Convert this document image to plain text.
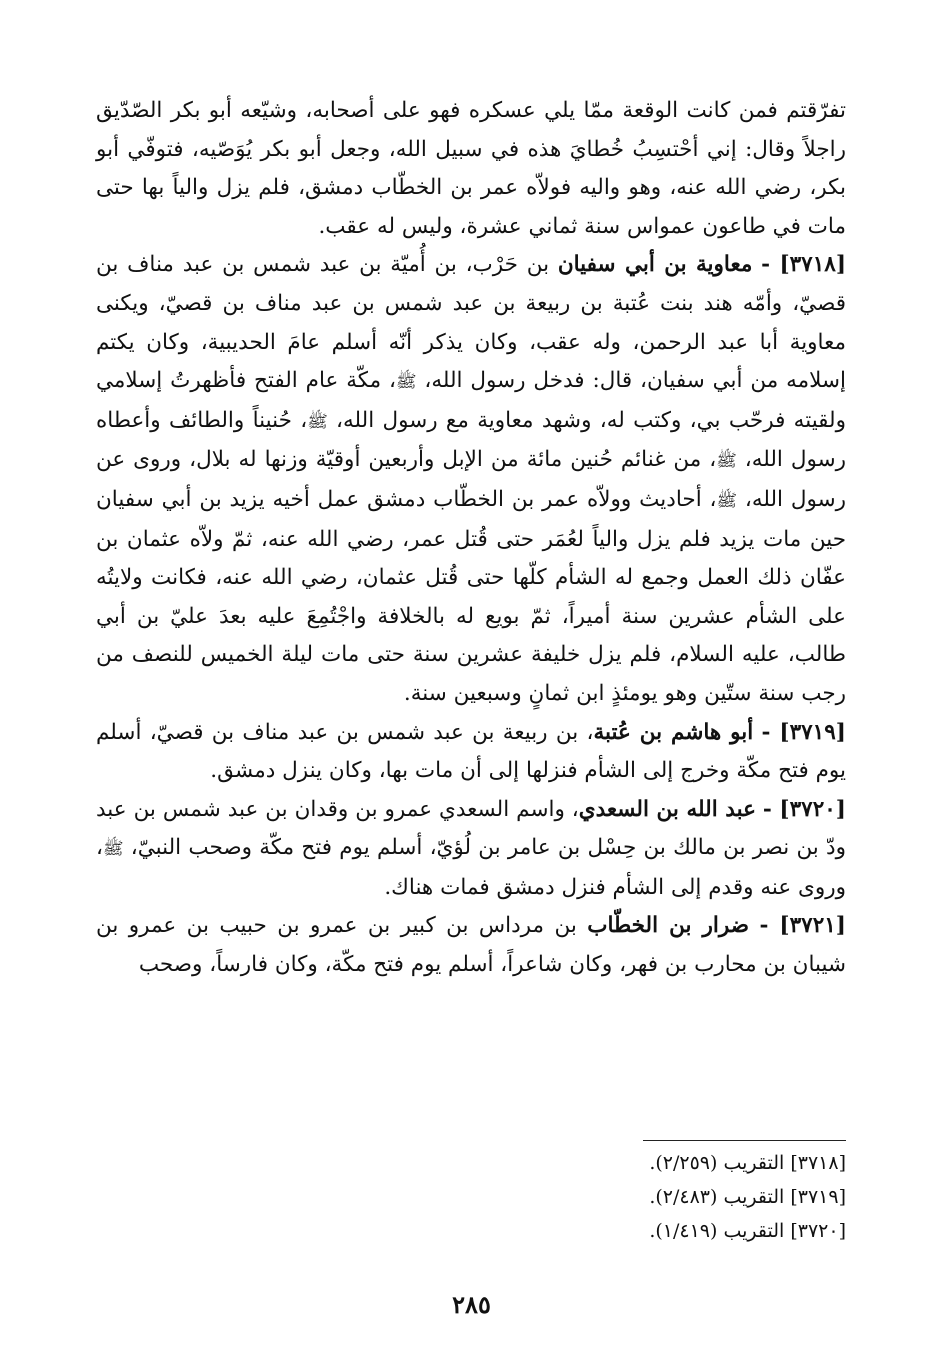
تفرّقتم فمن كانت الوقعة ممّا يلي عسكره فهو على أصحابه، وشيّعه أبو بكر الصّدّيق راجلاً وقال: إني أحْتسِبُ خُطايَ هذه في سبيل الله، وجعل أبو بكر يُوَصّيه، فتوفّي أبو بكر، رضي الله عنه، وهو واليه فولاّه عمر بن الخطّاب دمشق، فلم يزل والياً بها حتى مات في طاعون عمواس سنة ثماني عشرة، وليس له عقب.

[٣٧١٨] - معاوية بن أبي سفيان بن حَرْب، بن أُميّة بن عبد شمس بن عبد مناف بن قصيّ، وأمّه هند بنت عُتبة بن ربيعة بن عبد شمس بن عبد مناف بن قصيّ، ويكنى معاوية أبا عبد الرحمن، وله عقب، وكان يذكر أنّه أسلم عامَ الحديبية، وكان يكتم إسلامه من أبي سفيان، قال: فدخل رسول الله، ﷺ، مكّة عام الفتح فأظهرتُ إسلامي ولقيته فرحّب بي، وكتب له، وشهد معاوية مع رسول الله، ﷺ، حُنيناً والطائف وأعطاه رسول الله، ﷺ، من غنائم حُنين مائة من الإبل وأربعين أوقيّة وزنها له بلال، وروى عن رسول الله، ﷺ، أحاديث وولاّه عمر بن الخطّاب دمشق عمل أخيه يزيد بن أبي سفيان حين مات يزيد فلم يزل والياً لعُمَر حتى قُتل عمر، رضي الله عنه، ثمّ ولاّه عثمان بن عفّان ذلك العمل وجمع له الشأم كلّها حتى قُتل عثمان، رضي الله عنه، فكانت ولايتُه على الشأم عشرين سنة أميراً، ثمّ بويع له بالخلافة واجْتُمِعَ عليه بعدَ عليّ بن أبي طالب، عليه السلام، فلم يزل خليفة عشرين سنة حتى مات ليلة الخميس للنصف من رجب سنة ستّين وهو يومئذٍ ابن ثمانٍ وسبعين سنة.

[٣٧١٩] - أبو هاشم بن عُتبة، بن ربيعة بن عبد شمس بن عبد مناف بن قصيّ، أسلم يوم فتح مكّة وخرج إلى الشأم فنزلها إلى أن مات بها، وكان ينزل دمشق.

[٣٧٢٠] - عبد الله بن السعدي، واسم السعدي عمرو بن وقدان بن عبد شمس بن عبد ودّ بن نصر بن مالك بن حِسْل بن عامر بن لُؤيّ، أسلم يوم فتح مكّة وصحب النبيّ، ﷺ، وروى عنه وقدم إلى الشأم فنزل دمشق فمات هناك.

[٣٧٢١] - ضرار بن الخطّاب بن مرداس بن كبير بن عمرو بن حبيب بن عمرو بن شيبان بن محارب بن فهر، وكان شاعراً، أسلم يوم فتح مكّة، وكان فارساً، وصحب

[٣٧١٨] التقريب (٢/٢٥٩).

[٣٧١٩] التقريب (٢/٤٨٣).

[٣٧٢٠] التقريب (١/٤١٩).

٢٨٥
